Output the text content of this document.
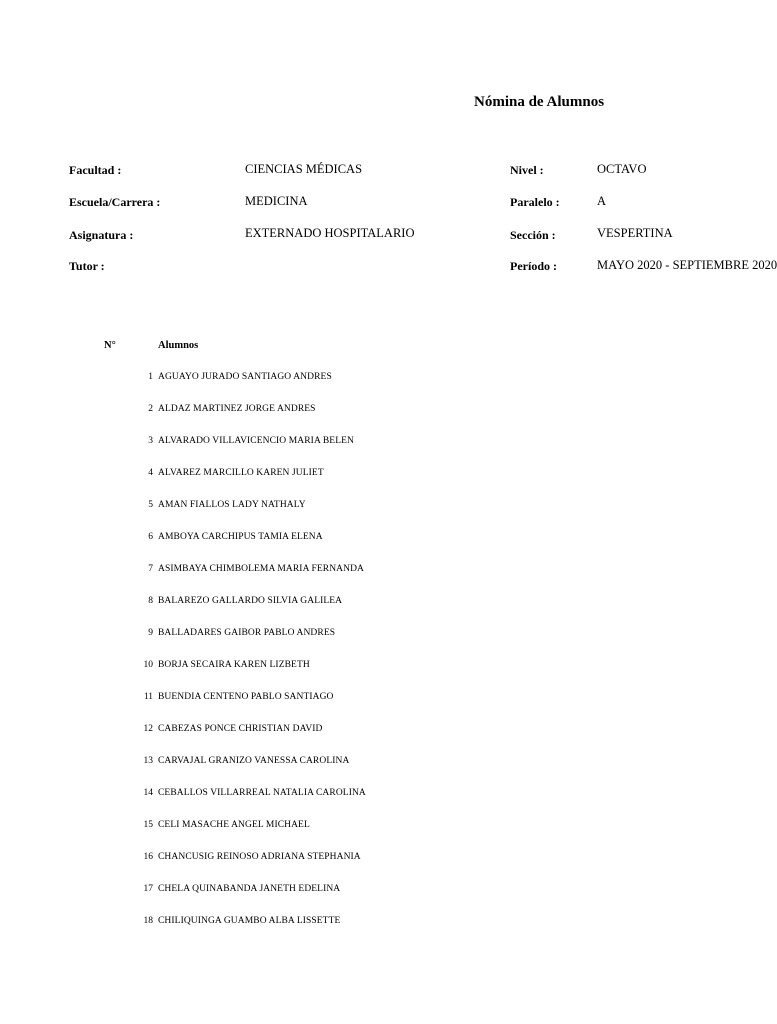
Nómina de Alumnos
Facultad :	CIENCIAS MÉDICAS
Escuela/Carrera :	MEDICINA
Asignatura :	EXTERNADO HOSPITALARIO
Tutor :
Nivel :	OCTAVO
Paralelo :	A
Sección :	VESPERTINA
Período :	MAYO 2020 - SEPTIEMBRE 2020
N°	Alumnos
1 AGUAYO JURADO SANTIAGO ANDRES
2 ALDAZ MARTINEZ JORGE ANDRES
3 ALVARADO VILLAVICENCIO MARIA BELEN
4 ALVAREZ MARCILLO KAREN JULIET
5 AMAN FIALLOS LADY NATHALY
6 AMBOYA CARCHIPUS TAMIA ELENA
7 ASIMBAYA CHIMBOLEMA MARIA FERNANDA
8 BALAREZO GALLARDO SILVIA GALILEA
9 BALLADARES GAIBOR PABLO ANDRES
10 BORJA SECAIRA KAREN LIZBETH
11 BUENDIA CENTENO PABLO SANTIAGO
12 CABEZAS PONCE CHRISTIAN DAVID
13 CARVAJAL GRANIZO VANESSA CAROLINA
14 CEBALLOS VILLARREAL NATALIA CAROLINA
15 CELI MASACHE ANGEL MICHAEL
16 CHANCUSIG REINOSO ADRIANA STEPHANIA
17 CHELA QUINABANDA JANETH EDELINA
18 CHILIQUINGA GUAMBO ALBA LISSETTE
